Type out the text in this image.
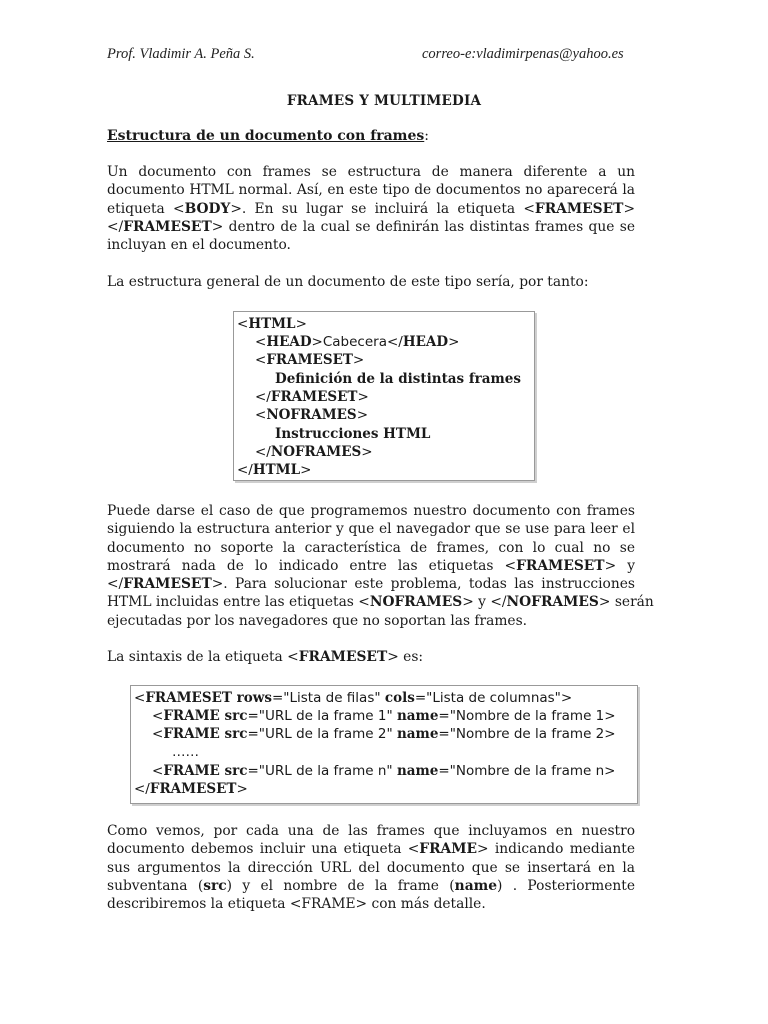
Prof. Vladimir A. Peña S.	correo-e:vladimirpenas@yahoo.es
FRAMES Y MULTIMEDIA
Estructura de un documento con frames:
Un documento con frames se estructura de manera diferente a un
documento HTML normal. Así, en este tipo de documentos no aparecerá la
etiqueta <BODY>. En su lugar se incluirá la etiqueta <FRAMESET>
</FRAMESET> dentro de la cual se definirán las distintas frames que se
incluyan en el documento.
La estructura general de un documento de este tipo sería, por tanto:
<HTML>
<HEAD>Cabecera</HEAD>
<FRAMESET>
Definición de la distintas frames
</FRAMESET>
<NOFRAMES>
Instrucciones HTML
</NOFRAMES>
</HTML>
Puede darse el caso de que programemos nuestro documento con frames
siguiendo la estructura anterior y que el navegador que se use para leer el
documento no soporte la característica de frames, con lo cual no se
mostrará nada de lo indicado entre las etiquetas <FRAMESET> y
</FRAMESET>. Para solucionar este problema, todas las instrucciones
HTML incluidas entre las etiquetas <NOFRAMES> y </NOFRAMES> serán
ejecutadas por los navegadores que no soportan las frames.
La sintaxis de la etiqueta <FRAMESET> es:
<FRAMESET rows="Lista de filas" cols="Lista de columnas">
<FRAME src="URL de la frame 1" name="Nombre de la frame 1>
<FRAME src="URL de la frame 2" name="Nombre de la frame 2>
……
<FRAME src="URL de la frame n" name="Nombre de la frame n>
</FRAMESET>
Como vemos, por cada una de las frames que incluyamos en nuestro
documento debemos incluir una etiqueta <FRAME> indicando mediante
sus argumentos la dirección URL del documento que se insertará en la
subventana (src) y el nombre de la frame (name) . Posteriormente
describiremos la etiqueta <FRAME> con más detalle.
